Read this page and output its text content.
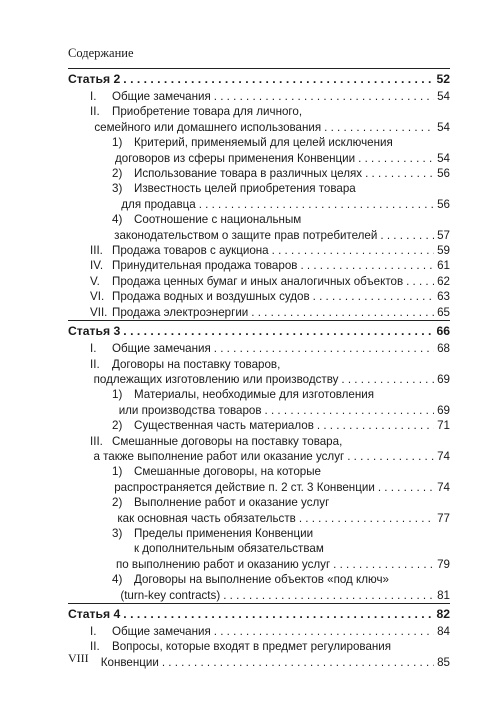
Содержание
Статья 2 . . .	52
I.	Общие замечания . . .	54
II. Приобретение товара для личного,
семейного или домашнего использования . . .	54
1) Критерий, применяемый для целей исключения
договоров из сферы применения Конвенции . . .	54
2)	Использование товара в различных целях . . .	56
3) Известность целей приобретения товара
для продавца . . .	56
4) Соотношение с национальным
законодательством о защите прав потребителей . . .	57
III. Продажа товаров с аукциона . . .	59
IV. Принудительная продажа товаров . . .	61
V.	Продажа ценных бумаг и иных аналогичных объектов . . .	62
VI. Продажа водных и воздушных судов . . .	63
VII. Продажа электроэнергии . . .	65
Статья 3 . . .	66
I.	Общие замечания . . .	68
II. Договоры на поставку товаров,
подлежащих изготовлению или производству . . .	69
1) Материалы, необходимые для изготовления
или производства товаров . . .	69
2)	Существенная часть материалов . . .	71
III. Смешанные договоры на поставку товара,
а также выполнение работ или оказание услуг . . .	74
1) Смешанные договоры, на которые
распространяется действие п. 2 ст. 3 Конвенции . . .	74
2) Выполнение работ и оказание услуг
как основная часть обязательств . . .	77
3) Пределы применения Конвенции
к дополнительным обязательствам
по выполнению работ и оказанию услуг . . .	79
4) Договоры на выполнение объектов «под ключ»
(turn-key contracts) . . .	81
Статья 4 . . .	82
I.	Общие замечания . . .	84
II. Вопросы, которые входят в предмет регулирования
Конвенции . . .	85
VIII
